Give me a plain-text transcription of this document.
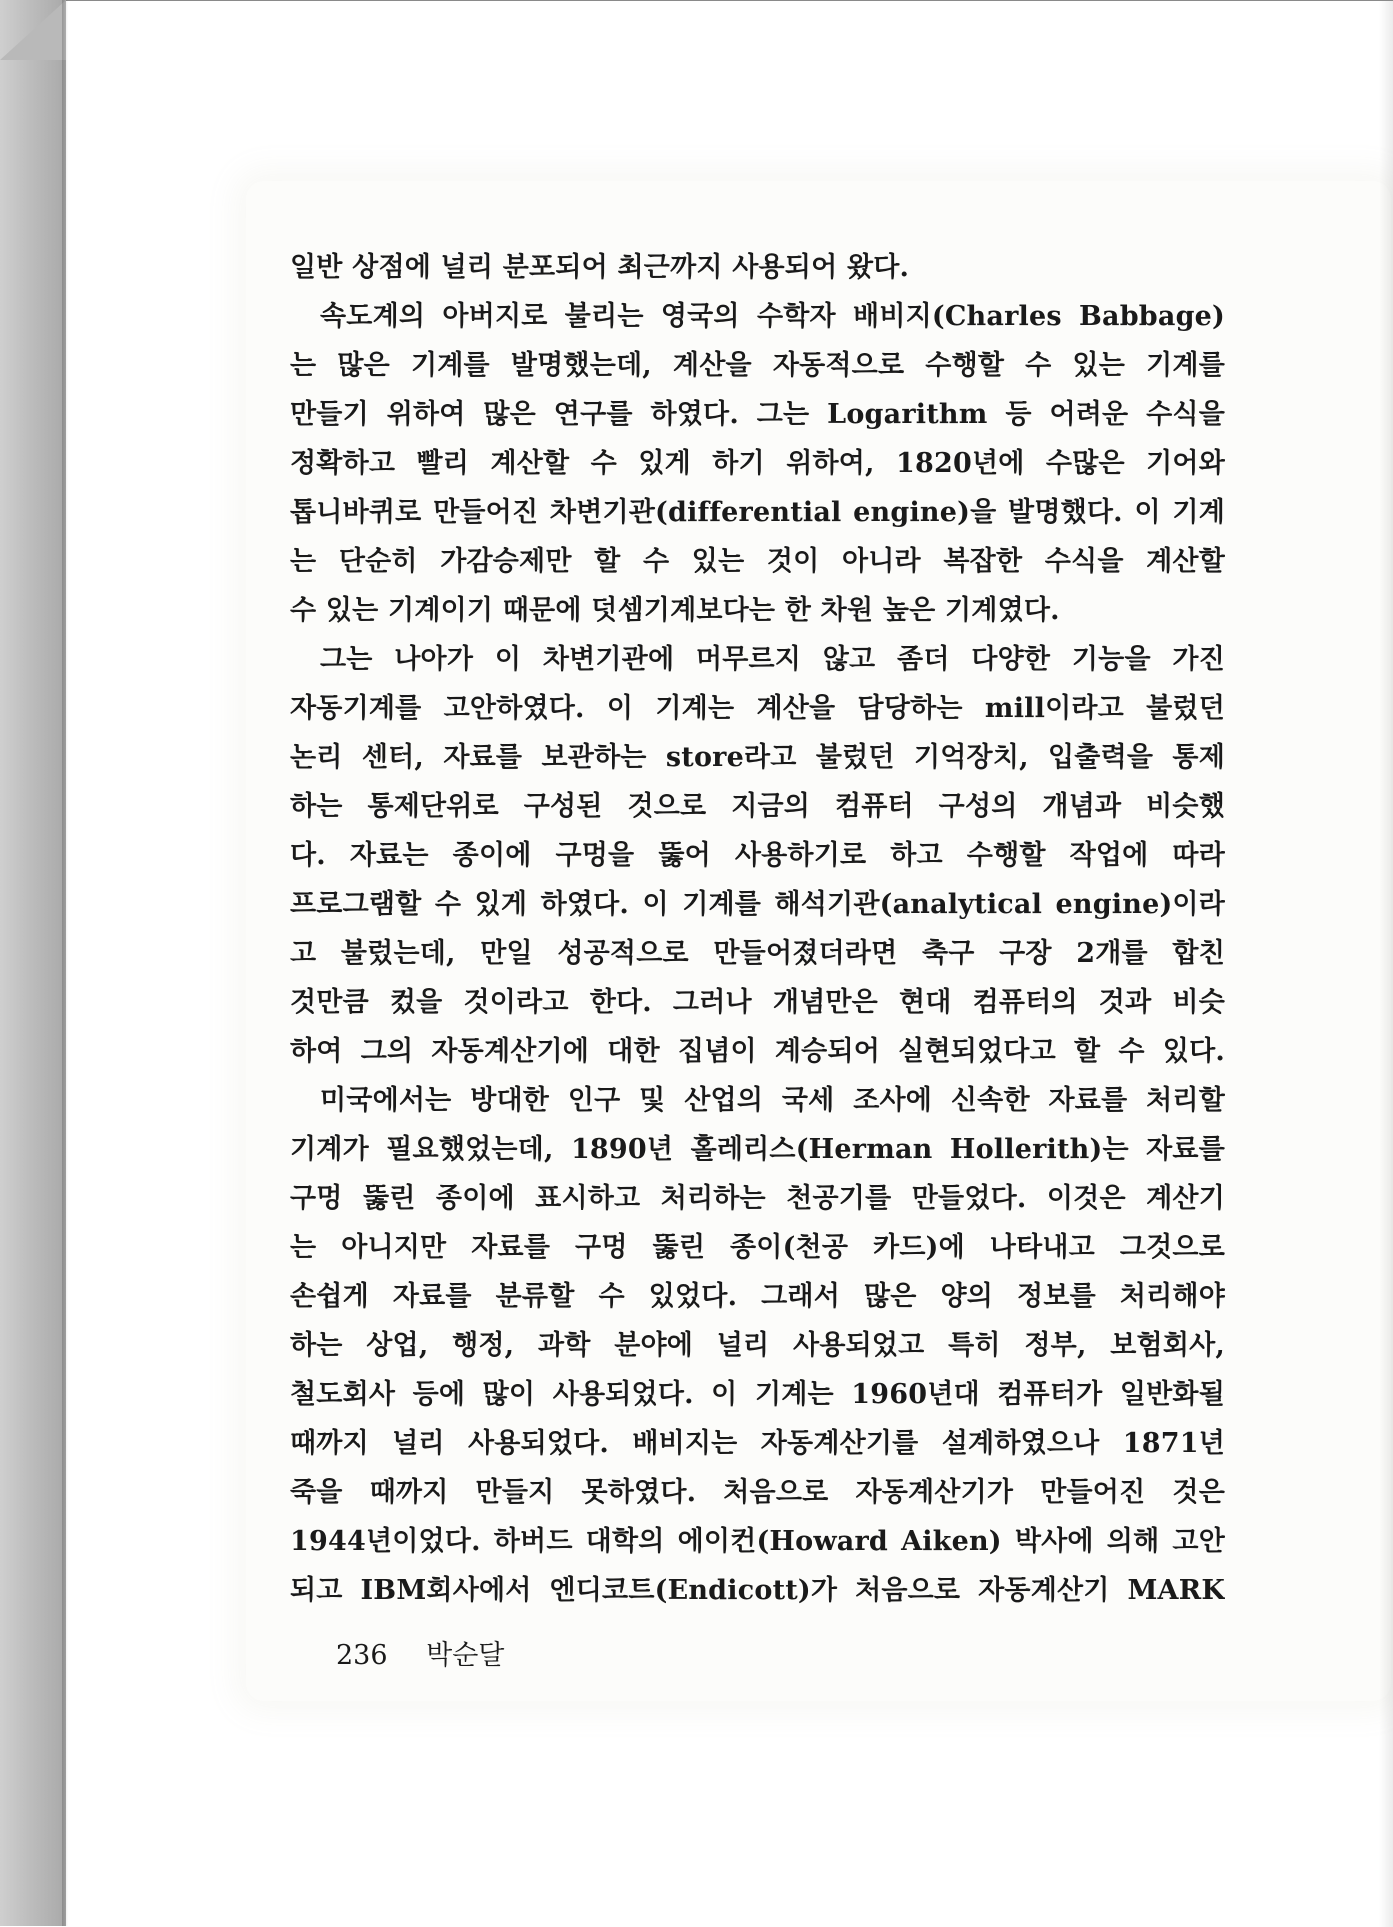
일반 상점에 널리 분포되어 최근까지 사용되어 왔다.
속도계의 아버지로 불리는 영국의 수학자 배비지(Charles Babbage)
는 많은 기계를 발명했는데, 계산을 자동적으로 수행할 수 있는 기계를
만들기 위하여 많은 연구를 하였다. 그는 Logarithm 등 어려운 수식을
정확하고 빨리 계산할 수 있게 하기 위하여, 1820년에 수많은 기어와
톱니바퀴로 만들어진 차변기관(differential engine)을 발명했다. 이 기계
는 단순히 가감승제만 할 수 있는 것이 아니라 복잡한 수식을 계산할
수 있는 기계이기 때문에 덧셈기계보다는 한 차원 높은 기계였다.
그는 나아가 이 차변기관에 머무르지 않고 좀더 다양한 기능을 가진
자동기계를 고안하였다. 이 기계는 계산을 담당하는 mill이라고 불렀던
논리 센터, 자료를 보관하는 store라고 불렀던 기억장치, 입출력을 통제
하는 통제단위로 구성된 것으로 지금의 컴퓨터 구성의 개념과 비슷했
다. 자료는 종이에 구멍을 뚫어 사용하기로 하고 수행할 작업에 따라
프로그램할 수 있게 하였다. 이 기계를 해석기관(analytical engine)이라
고 불렀는데, 만일 성공적으로 만들어졌더라면 축구 구장 2개를 합친
것만큼 컸을 것이라고 한다. 그러나 개념만은 현대 컴퓨터의 것과 비슷
하여 그의 자동계산기에 대한 집념이 계승되어 실현되었다고 할 수 있다.
미국에서는 방대한 인구 및 산업의 국세 조사에 신속한 자료를 처리할
기계가 필요했었는데, 1890년 홀레리스(Herman Hollerith)는 자료를
구멍 뚫린 종이에 표시하고 처리하는 천공기를 만들었다. 이것은 계산기
는 아니지만 자료를 구멍 뚫린 종이(천공 카드)에 나타내고 그것으로
손쉽게 자료를 분류할 수 있었다. 그래서 많은 양의 정보를 처리해야
하는 상업, 행정, 과학 분야에 널리 사용되었고 특히 정부, 보험회사,
철도회사 등에 많이 사용되었다. 이 기계는 1960년대 컴퓨터가 일반화될
때까지 널리 사용되었다. 배비지는 자동계산기를 설계하였으나 1871년
죽을 때까지 만들지 못하였다. 처음으로 자동계산기가 만들어진 것은
1944년이었다. 하버드 대학의 에이컨(Howard Aiken) 박사에 의해 고안
되고 IBM회사에서 엔디코트(Endicott)가 처음으로 자동계산기 MARK
236 박순달
